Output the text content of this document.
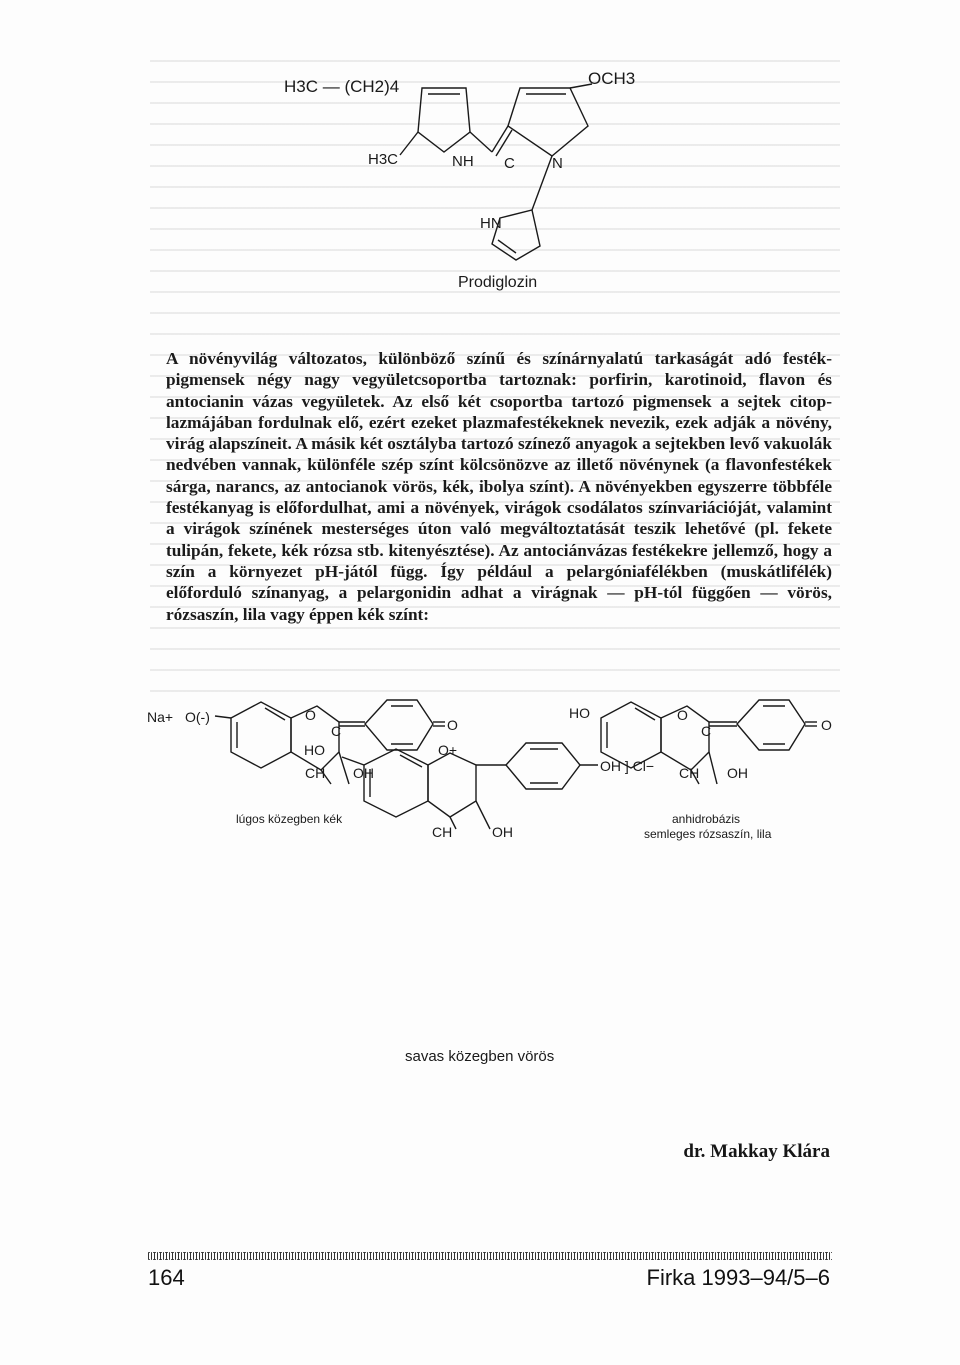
H3C — (CH2)4	OCH3
H3C	NH C N
HN
Prodiglozin

A növényvilág változatos, különböző színű és színárnyalatú tarkaságát adó festékpigmensek négy nagy vegyületcsoportba tartoznak: porfirin, karotinoid, flavon és antocianin vázas vegyületek. Az első két csoportba tartozó pigmensek a sejtek citoplazmájában fordulnak elő, ezért ezeket plazmafestékeknek nevezik, ezek adják a növény, virág alapszíneit. A másik két osztályba tartozó színező anyagok a sejtekben levő vakuolák nedvében vannak, különféle szép színt kölcsönözve az illető növénynek (a flavonfestékek sárga, narancs, az antocianok vörös, kék, ibolya színt). A növényekben egyszerre többféle festékanyag is előfordulhat, ami a növények, virágok csodálatos színvariációját, valamint a virágok színének mesterséges úton való megváltoztatását teszik lehetővé (pl. fekete tulipán, fekete, kék rózsa stb. kitenyésztése). Az antociánvázas festékekre jellemző, hogy a szín a környezet pH-jától függ. Így például a pelargóniafélékben (muskátlifélék) előforduló színanyag, a pelargonidin adhat a virágnak — pH-tól függően — vörös, rózsaszín, lila vagy éppen kék színt:

Na+ O(-)	O
C	O
CH OH
lúgos közegben kék
HO	O
C	O
CH OH
anhidrobázis
semleges rózsaszín, lila
HO	O+
OH ] Cl−
CH	OH
savas közegben vörös
dr. Makkay Klára
164	Firka 1993–94/5–6
